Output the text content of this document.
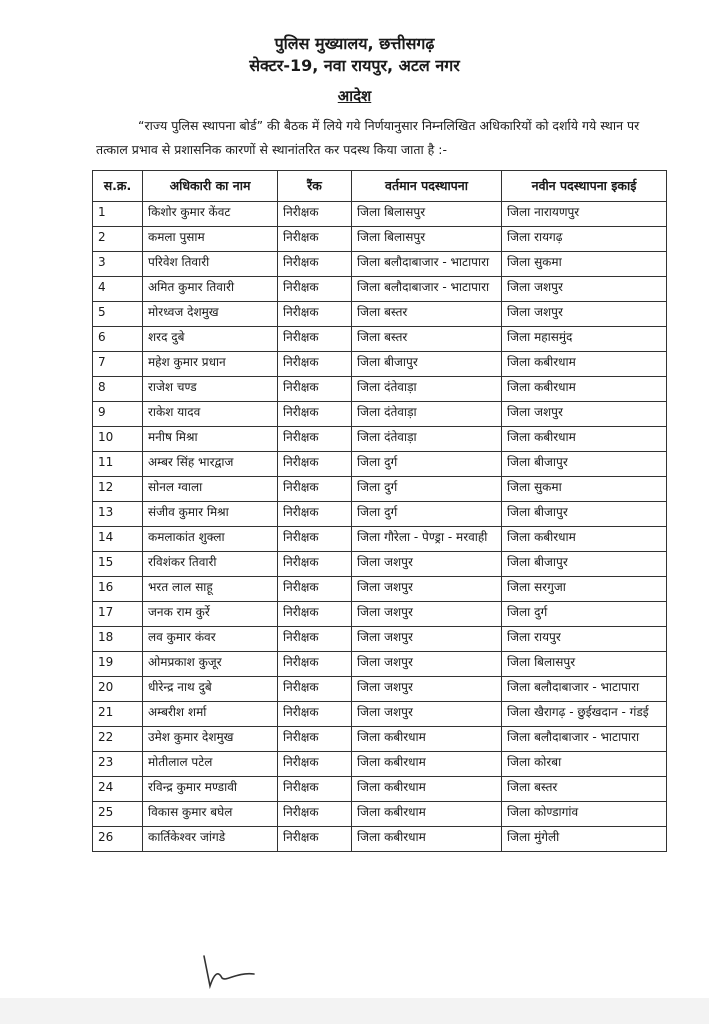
पुलिस मुख्यालय, छत्तीसगढ़
सेक्टर-19, नवा रायपुर, अटल नगर
आदेश
“राज्य पुलिस स्थापना बोर्ड” की बैठक में लिये गये निर्णयानुसार निम्नलिखित अधिकारियों को दर्शाये गये स्थान पर तत्काल प्रभाव से प्रशासनिक कारणों से स्थानांतरित कर पदस्थ किया जाता है :-
स.क्र.	अधिकारी का नाम	रैंक	वर्तमान पदस्थापना	नवीन पदस्थापना इकाई
1	किशोर कुमार केंवट	निरीक्षक	जिला बिलासपुर	जिला नारायणपुर
2	कमला पुसाम	निरीक्षक	जिला बिलासपुर	जिला रायगढ़
3	परिवेश तिवारी	निरीक्षक	जिला बलौदाबाजार - भाटापारा	जिला सुकमा
4	अमित कुमार तिवारी	निरीक्षक	जिला बलौदाबाजार - भाटापारा	जिला जशपुर
5	मोरध्वज देशमुख	निरीक्षक	जिला बस्तर	जिला जशपुर
6	शरद दुबे	निरीक्षक	जिला बस्तर	जिला महासमुंद
7	महेश कुमार प्रधान	निरीक्षक	जिला बीजापुर	जिला कबीरधाम
8	राजेश चण्ड	निरीक्षक	जिला दंतेवाड़ा	जिला कबीरधाम
9	राकेश यादव	निरीक्षक	जिला दंतेवाड़ा	जिला जशपुर
10	मनीष मिश्रा	निरीक्षक	जिला दंतेवाड़ा	जिला कबीरधाम
11	अम्बर सिंह भारद्वाज	निरीक्षक	जिला दुर्ग	जिला बीजापुर
12	सोनल ग्वाला	निरीक्षक	जिला दुर्ग	जिला सुकमा
13	संजीव कुमार मिश्रा	निरीक्षक	जिला दुर्ग	जिला बीजापुर
14	कमलाकांत शुक्ला	निरीक्षक	जिला गौरेला - पेण्ड्रा - मरवाही	जिला कबीरधाम
15	रविशंकर तिवारी	निरीक्षक	जिला जशपुर	जिला बीजापुर
16	भरत लाल साहू	निरीक्षक	जिला जशपुर	जिला सरगुजा
17	जनक राम कुर्रे	निरीक्षक	जिला जशपुर	जिला दुर्ग
18	लव कुमार कंवर	निरीक्षक	जिला जशपुर	जिला रायपुर
19	ओमप्रकाश कुजूर	निरीक्षक	जिला जशपुर	जिला बिलासपुर
20	धीरेन्द्र नाथ दुबे	निरीक्षक	जिला जशपुर	जिला बलौदाबाजार - भाटापारा
21	अम्बरीश शर्मा	निरीक्षक	जिला जशपुर	जिला खैरागढ़ - छुईखदान - गंडई
22	उमेश कुमार देशमुख	निरीक्षक	जिला कबीरधाम	जिला बलौदाबाजार - भाटापारा
23	मोतीलाल पटेल	निरीक्षक	जिला कबीरधाम	जिला कोरबा
24	रविन्द्र कुमार मण्डावी	निरीक्षक	जिला कबीरधाम	जिला बस्तर
25	विकास कुमार बघेल	निरीक्षक	जिला कबीरधाम	जिला कोण्डागांव
26	कार्तिकेश्वर जांगडे	निरीक्षक	जिला कबीरधाम	जिला मुंगेली
